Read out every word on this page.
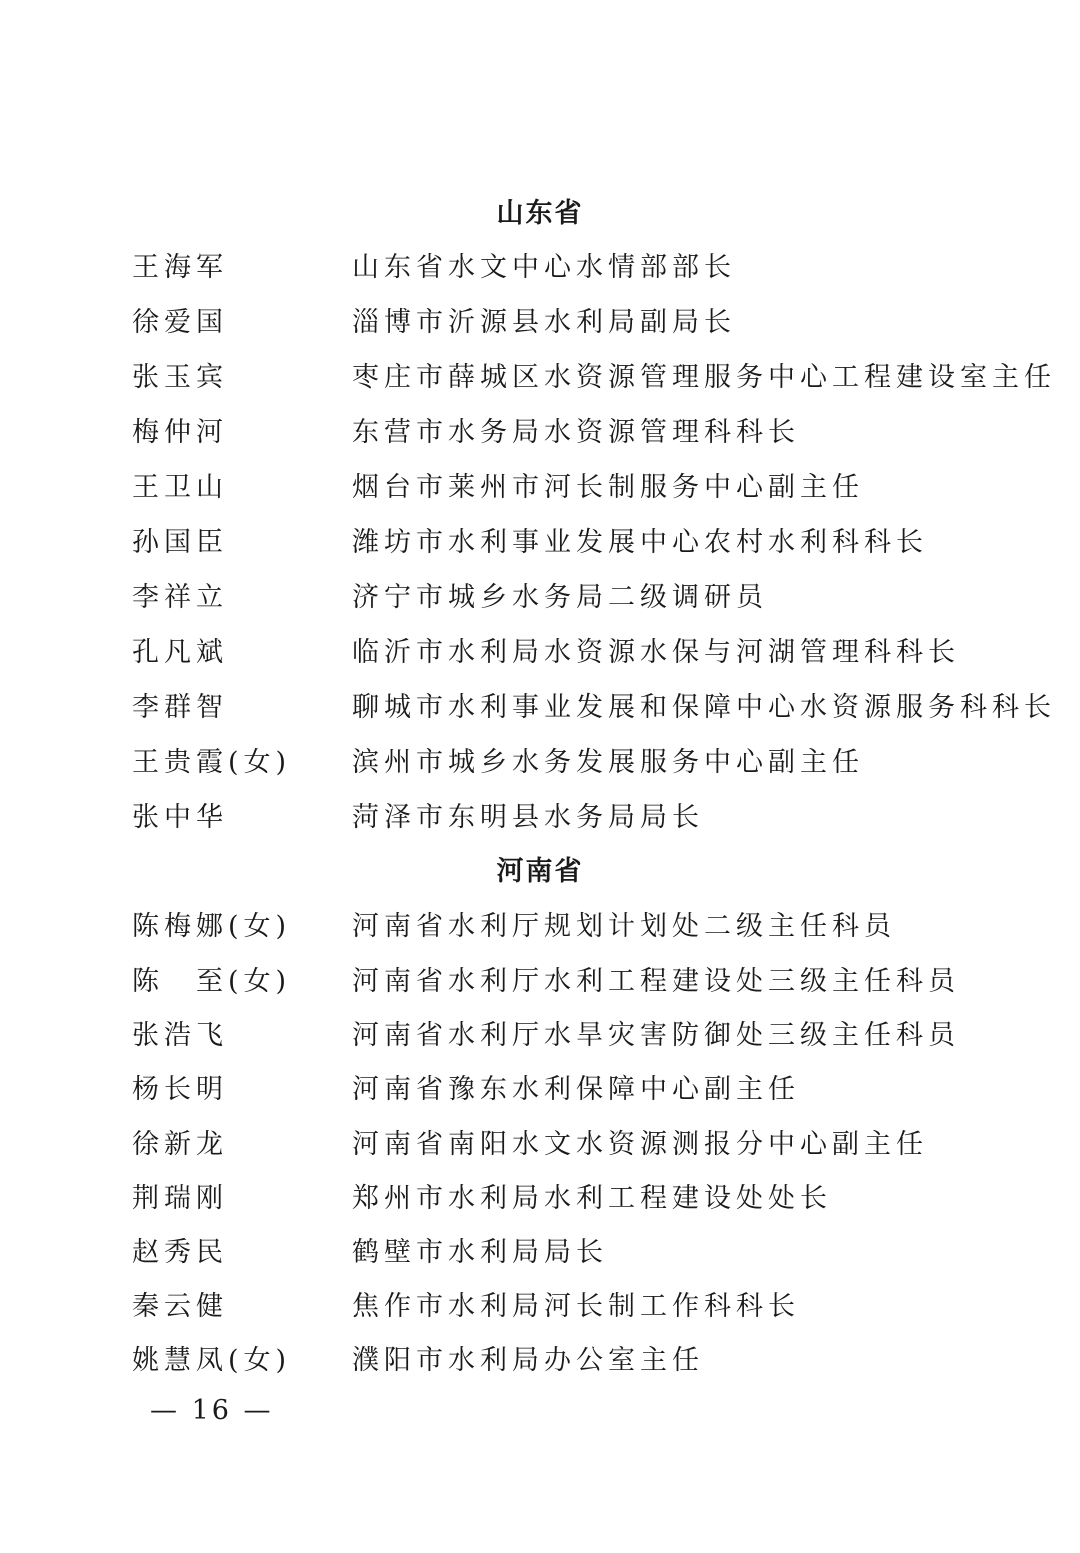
山东省
王海军	山东省水文中心水情部部长
徐爱国	淄博市沂源县水利局副局长
张玉宾	枣庄市薛城区水资源管理服务中心工程建设室主任
梅仲河	东营市水务局水资源管理科科长
王卫山	烟台市莱州市河长制服务中心副主任
孙国臣	潍坊市水利事业发展中心农村水利科科长
李祥立	济宁市城乡水务局二级调研员
孔凡斌	临沂市水利局水资源水保与河湖管理科科长
李群智	聊城市水利事业发展和保障中心水资源服务科科长
王贵霞(女) 滨州市城乡水务发展服务中心副主任
张中华	菏泽市东明县水务局局长
河南省
陈梅娜(女) 河南省水利厅规划计划处二级主任科员
陈　至(女) 河南省水利厅水利工程建设处三级主任科员
张浩飞	河南省水利厅水旱灾害防御处三级主任科员
杨长明	河南省豫东水利保障中心副主任
徐新龙	河南省南阳水文水资源测报分中心副主任
荆瑞刚	郑州市水利局水利工程建设处处长
赵秀民	鹤壁市水利局局长
秦云健	焦作市水利局河长制工作科科长
姚慧凤(女) 濮阳市水利局办公室主任
— 16 —
